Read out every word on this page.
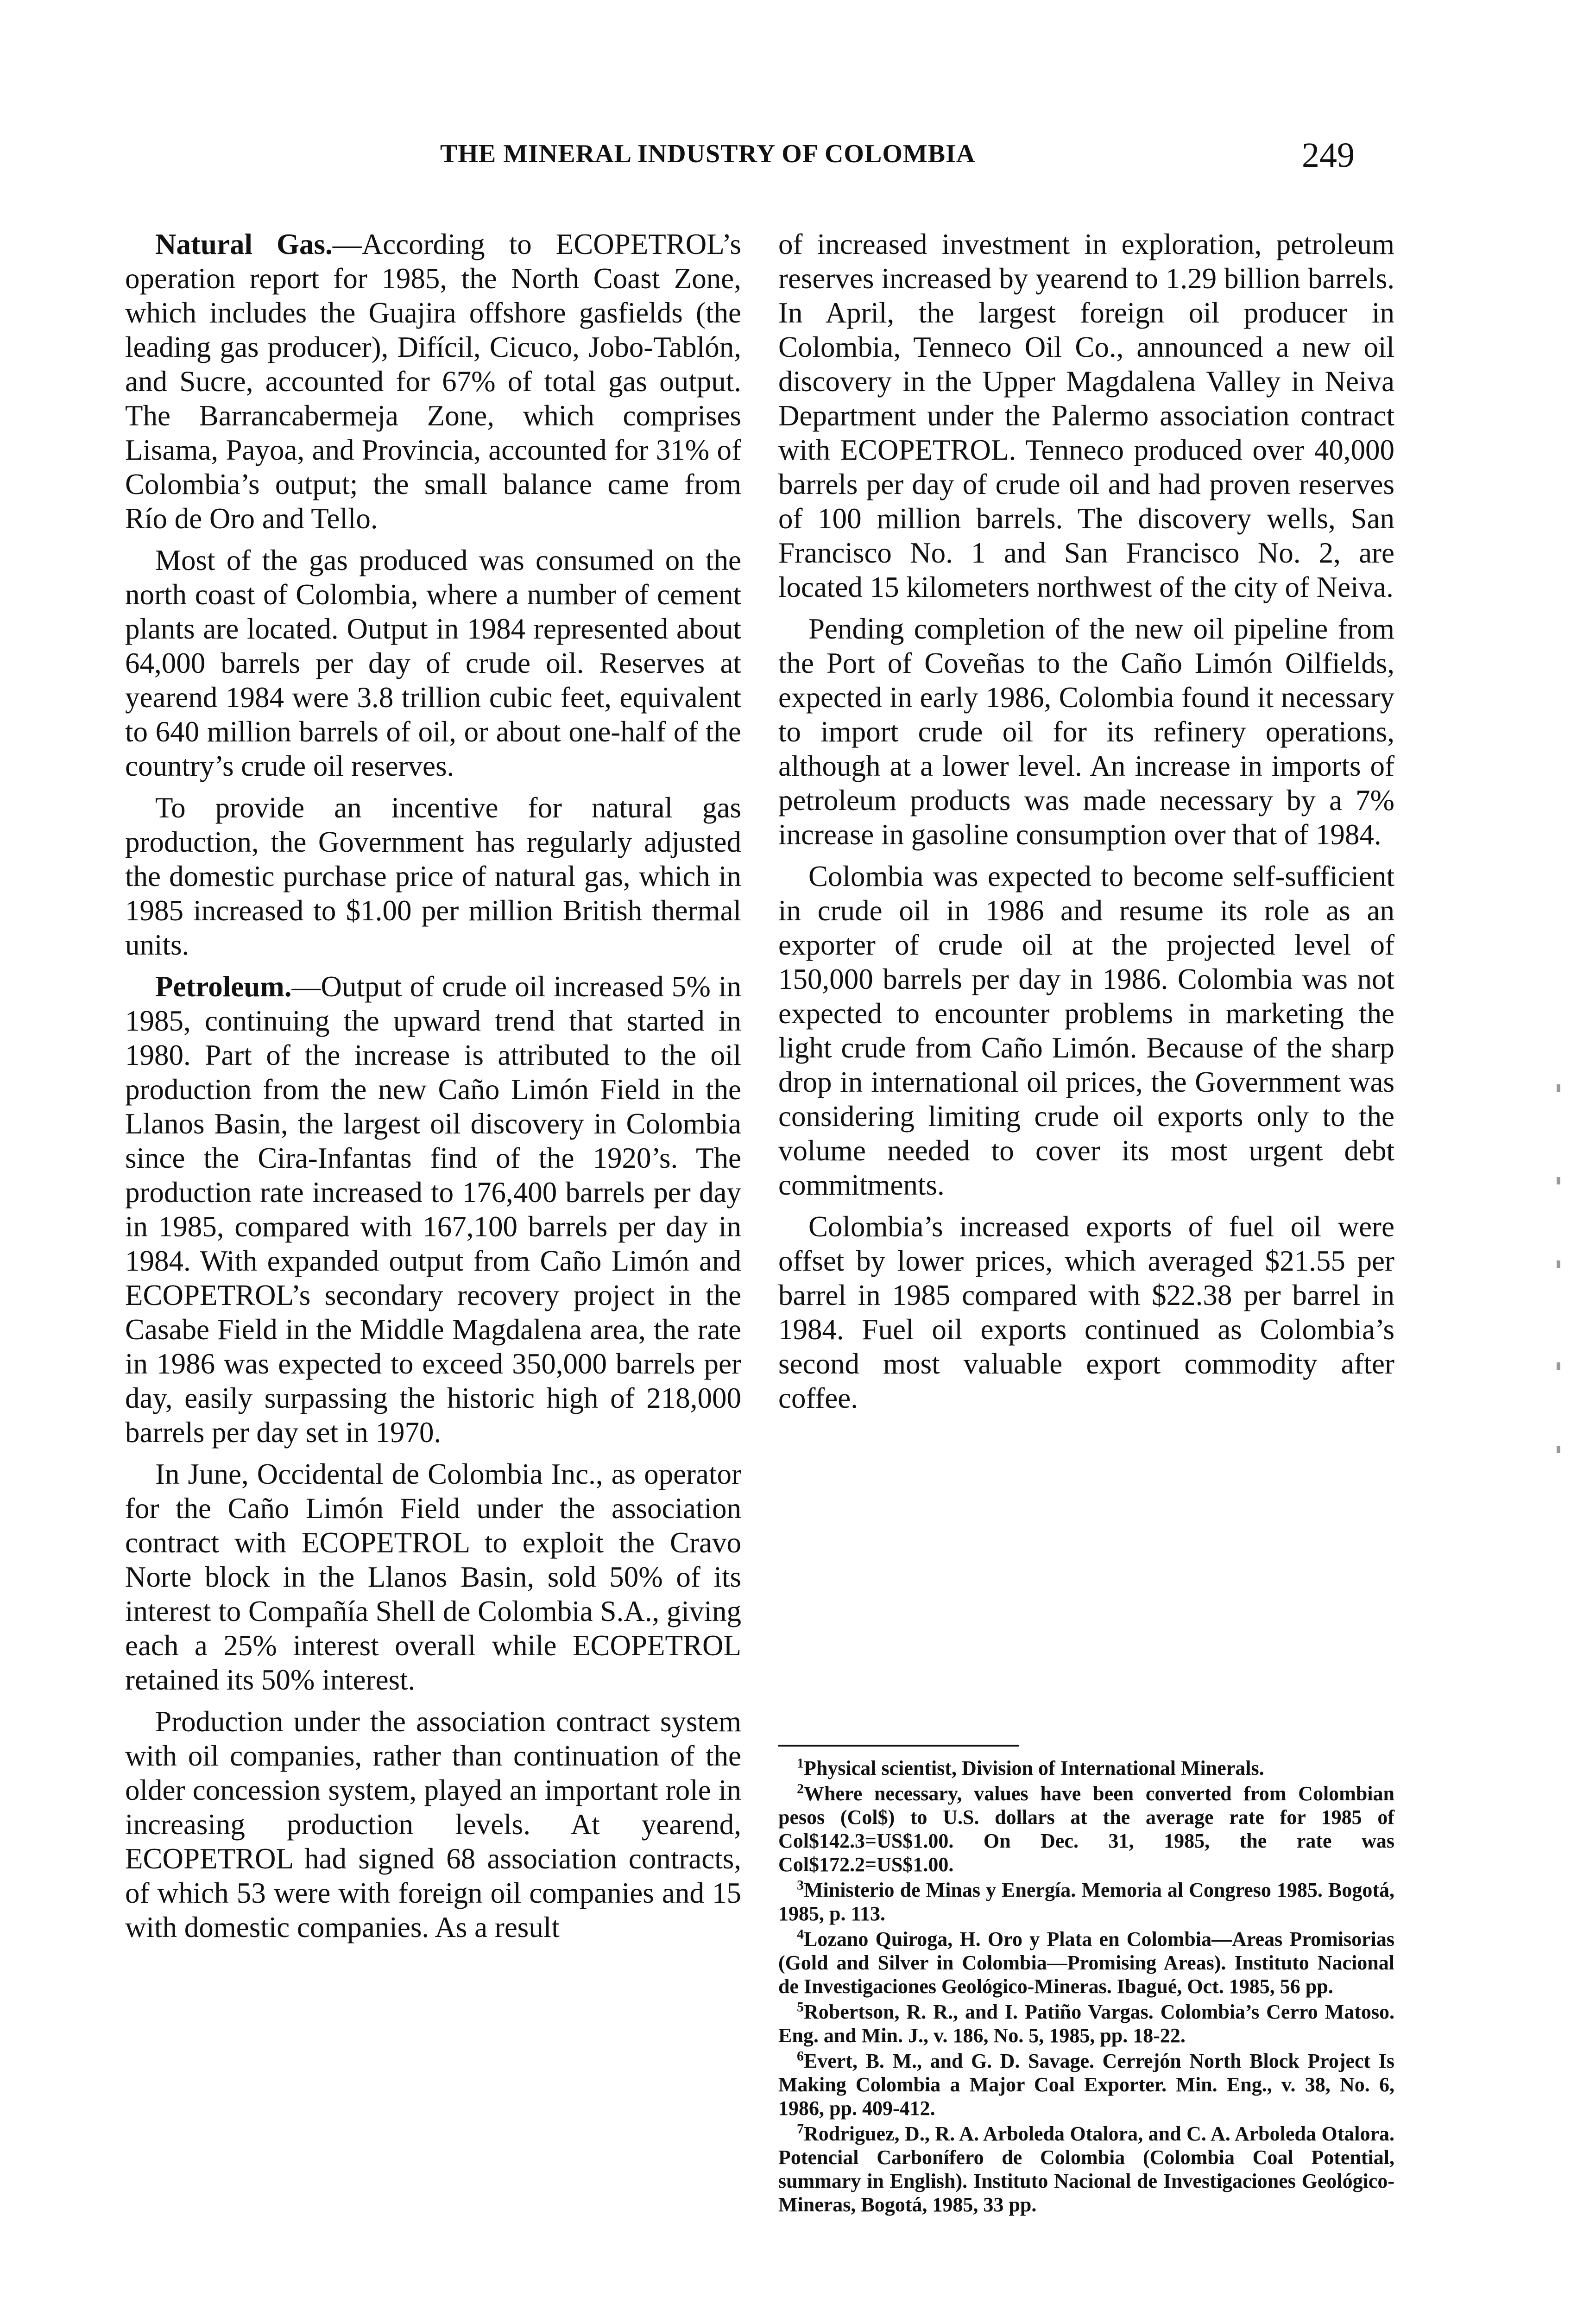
THE MINERAL INDUSTRY OF COLOMBIA	249

Natural Gas.—According to ECOPETROL’s operation report for 1985, the North Coast Zone, which includes the Guajira offshore gasfields (the leading gas producer), Difícil, Cicuco, Jobo-Tablón, and Sucre, accounted for 67% of total gas output. The Barrancabermeja Zone, which comprises Lisama, Payoa, and Provincia, accounted for 31% of Colombia’s output; the small balance came from Río de Oro and Tello.

Most of the gas produced was consumed on the north coast of Colombia, where a number of cement plants are located. Output in 1984 represented about 64,000 barrels per day of crude oil. Reserves at yearend 1984 were 3.8 trillion cubic feet, equivalent to 640 million barrels of oil, or about one-half of the country’s crude oil reserves.

To provide an incentive for natural gas production, the Government has regularly adjusted the domestic purchase price of natural gas, which in 1985 increased to $1.00 per million British thermal units.

Petroleum.—Output of crude oil increased 5% in 1985, continuing the upward trend that started in 1980. Part of the increase is attributed to the oil production from the new Caño Limón Field in the Llanos Basin, the largest oil discovery in Colombia since the Cira-Infantas find of the 1920’s. The production rate increased to 176,400 barrels per day in 1985, compared with 167,100 barrels per day in 1984. With expanded output from Caño Limón and ECOPETROL’s secondary recovery project in the Casabe Field in the Middle Magdalena area, the rate in 1986 was expected to exceed 350,000 barrels per day, easily surpassing the historic high of 218,000 barrels per day set in 1970.

In June, Occidental de Colombia Inc., as operator for the Caño Limón Field under the association contract with ECOPETROL to exploit the Cravo Norte block in the Llanos Basin, sold 50% of its interest to Compañía Shell de Colombia S.A., giving each a 25% interest overall while ECOPETROL retained its 50% interest.

Production under the association contract system with oil companies, rather than continuation of the older concession system, played an important role in increasing production levels. At yearend, ECOPETROL had signed 68 association contracts, of which 53 were with foreign oil companies and 15 with domestic companies. As a result

of increased investment in exploration, petroleum reserves increased by yearend to 1.29 billion barrels. In April, the largest foreign oil producer in Colombia, Tenneco Oil Co., announced a new oil discovery in the Upper Magdalena Valley in Neiva Department under the Palermo association contract with ECOPETROL. Tenneco produced over 40,000 barrels per day of crude oil and had proven reserves of 100 million barrels. The discovery wells, San Francisco No. 1 and San Francisco No. 2, are located 15 kilometers northwest of the city of Neiva.

Pending completion of the new oil pipeline from the Port of Coveñas to the Caño Limón Oilfields, expected in early 1986, Colombia found it necessary to import crude oil for its refinery operations, although at a lower level. An increase in imports of petroleum products was made necessary by a 7% increase in gasoline consumption over that of 1984.

Colombia was expected to become self-sufficient in crude oil in 1986 and resume its role as an exporter of crude oil at the projected level of 150,000 barrels per day in 1986. Colombia was not expected to encounter problems in marketing the light crude from Caño Limón. Because of the sharp drop in international oil prices, the Government was considering limiting crude oil exports only to the volume needed to cover its most urgent debt commitments.

Colombia’s increased exports of fuel oil were offset by lower prices, which averaged $21.55 per barrel in 1985 compared with $22.38 per barrel in 1984. Fuel oil exports continued as Colombia’s second most valuable export commodity after coffee.

$^1$Physical scientist, Division of International Minerals.

$^2$Where necessary, values have been converted from Colombian pesos (Col$) to U.S. dollars at the average rate for 1985 of Col$142.3=US$1.00. On Dec. 31, 1985, the rate was Col$172.2=US$1.00.

$^3$Ministerio de Minas y Energía. Memoria al Congreso 1985. Bogotá, 1985, p. 113.

$^4$Lozano Quiroga, H. Oro y Plata en Colombia—Areas Promisorias (Gold and Silver in Colombia—Promising Areas). Instituto Nacional de Investigaciones Geológico-Mineras. Ibagué, Oct. 1985, 56 pp.

$^5$Robertson, R. R., and I. Patiño Vargas. Colombia’s Cerro Matoso. Eng. and Min. J., v. 186, No. 5, 1985, pp. 18-22.

$^6$Evert, B. M., and G. D. Savage. Cerrejón North Block Project Is Making Colombia a Major Coal Exporter. Min. Eng., v. 38, No. 6, 1986, pp. 409-412.

$^7$Rodriguez, D., R. A. Arboleda Otalora, and C. A. Arboleda Otalora. Potencial Carbonífero de Colombia (Colombia Coal Potential, summary in English). Instituto Nacional de Investigaciones Geológico-Mineras, Bogotá, 1985, 33 pp.
